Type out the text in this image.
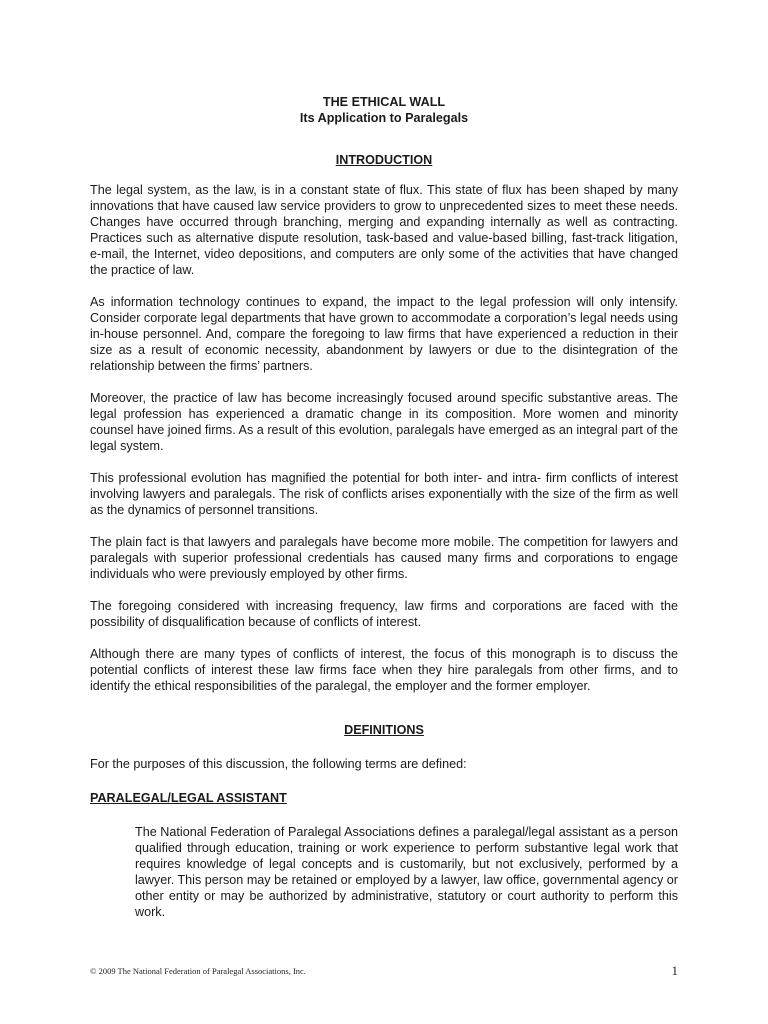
THE ETHICAL WALL

Its Application to Paralegals

INTRODUCTION

The legal system, as the law, is in a constant state of flux. This state of flux has been shaped by many innovations that have caused law service providers to grow to unprecedented sizes to meet these needs. Changes have occurred through branching, merging and expanding internally as well as contracting. Practices such as alternative dispute resolution, task-based and value-based billing, fast-track litigation, e-mail, the Internet, video depositions, and computers are only some of the activities that have changed the practice of law.

As information technology continues to expand, the impact to the legal profession will only intensify. Consider corporate legal departments that have grown to accommodate a corporation’s legal needs using in-house personnel. And, compare the foregoing to law firms that have experienced a reduction in their size as a result of economic necessity, abandonment by lawyers or due to the disintegration of the relationship between the firms’ partners.

Moreover, the practice of law has become increasingly focused around specific substantive areas. The legal profession has experienced a dramatic change in its composition. More women and minority counsel have joined firms. As a result of this evolution, paralegals have emerged as an integral part of the legal system.

This professional evolution has magnified the potential for both inter- and intra- firm conflicts of interest involving lawyers and paralegals. The risk of conflicts arises exponentially with the size of the firm as well as the dynamics of personnel transitions.

The plain fact is that lawyers and paralegals have become more mobile. The competition for lawyers and paralegals with superior professional credentials has caused many firms and corporations to engage individuals who were previously employed by other firms.

The foregoing considered with increasing frequency, law firms and corporations are faced with the possibility of disqualification because of conflicts of interest.

Although there are many types of conflicts of interest, the focus of this monograph is to discuss the potential conflicts of interest these law firms face when they hire paralegals from other firms, and to identify the ethical responsibilities of the paralegal, the employer and the former employer.

DEFINITIONS

For the purposes of this discussion, the following terms are defined:

PARALEGAL/LEGAL ASSISTANT

The National Federation of Paralegal Associations defines a paralegal/legal assistant as a person qualified through education, training or work experience to perform substantive legal work that requires knowledge of legal concepts and is customarily, but not exclusively, performed by a lawyer. This person may be retained or employed by a lawyer, law office, governmental agency or other entity or may be authorized by administrative, statutory or court authority to perform this work.

© 2009 The National Federation of Paralegal Associations, Inc.	1
